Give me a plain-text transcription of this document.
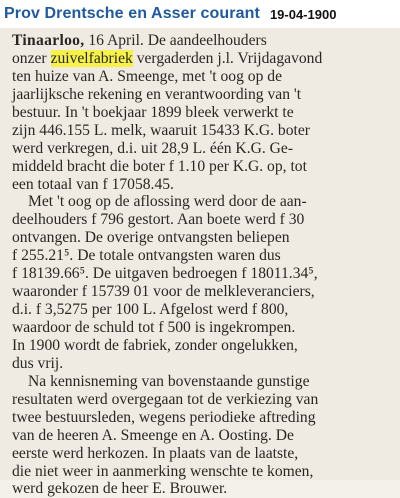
Prov Drentsche en Asser courant 19-04-1900
Tinaarloo, 16 April. De aandeelhouders
onzer zuivelfabriek vergaderden j.l. Vrijdagavond
ten huize van A. Smeenge, met 't oog op de
jaarlijksche rekening en verantwoording van 't
bestuur. In 't boekjaar 1899 bleek verwerkt te
zijn 446.155 L. melk, waaruit 15433 K.G. boter
werd verkregen, d.i. uit 28,9 L. één K.G. Ge-
middeld bracht die boter f 1.10 per K.G. op, tot
een totaal van f 17058.45.
Met 't oog op de aflossing werd door de aan-
deelhouders f 796 gestort. Aan boete werd f 30
ontvangen. De overige ontvangsten beliepen
f 255.21⁵. De totale ontvangsten waren dus
f 18139.66⁵. De uitgaven bedroegen f 18011.34⁵,
waaronder f 15739 01 voor de melkleveranciers,
d.i. f 3,5275 per 100 L. Afgelost werd f 800,
waardoor de schuld tot f 500 is ingekrompen.
In 1900 wordt de fabriek, zonder ongelukken,
dus vrij.
Na kennisneming van bovenstaande gunstige
resultaten werd overgegaan tot de verkiezing van
twee bestuursleden, wegens periodieke aftreding
van de heeren A. Smeenge en A. Oosting. De
eerste werd herkozen. In plaats van de laatste,
die niet weer in aanmerking wenschte te komen,
werd gekozen de heer E. Brouwer.
